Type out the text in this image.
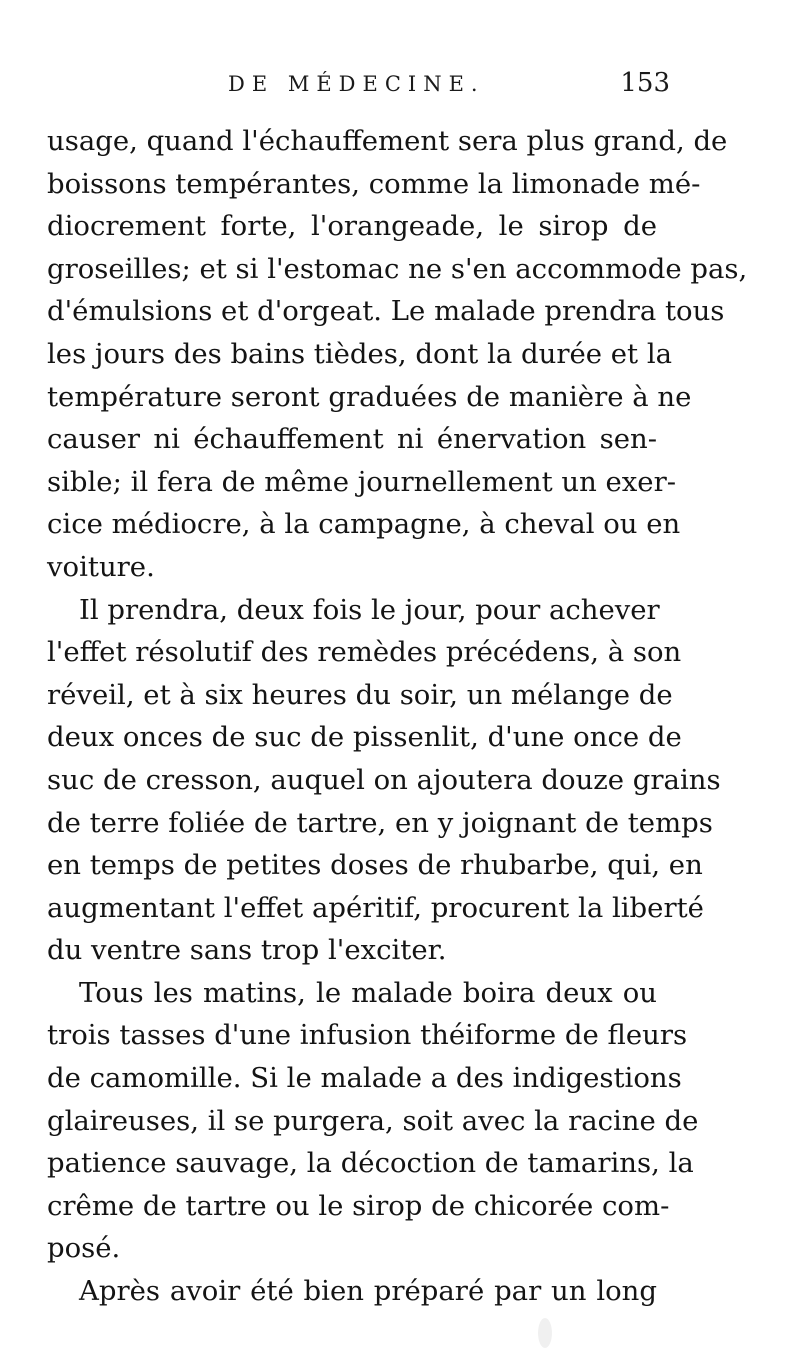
DE MÉDECINE.	153
usage, quand l'échauffement sera plus grand, de
boissons tempérantes, comme la limonade mé-
diocrement forte, l'orangeade, le sirop de
groseilles; et si l'estomac ne s'en accommode pas,
d'émulsions et d'orgeat. Le malade prendra tous
les jours des bains tièdes, dont la durée et la
température seront graduées de manière à ne
causer ni échauffement ni énervation sen-
sible; il fera de même journellement un exer-
cice médiocre, à la campagne, à cheval ou en
voiture.
Il prendra, deux fois le jour, pour achever
l'effet résolutif des remèdes précédens, à son
réveil, et à six heures du soir, un mélange de
deux onces de suc de pissenlit, d'une once de
suc de cresson, auquel on ajoutera douze grains
de terre foliée de tartre, en y joignant de temps
en temps de petites doses de rhubarbe, qui, en
augmentant l'effet apéritif, procurent la liberté
du ventre sans trop l'exciter.
Tous les matins, le malade boira deux ou
trois tasses d'une infusion théiforme de fleurs
de camomille. Si le malade a des indigestions
glaireuses, il se purgera, soit avec la racine de
patience sauvage, la décoction de tamarins, la
crême de tartre ou le sirop de chicorée com-
posé.
Après avoir été bien préparé par un long
